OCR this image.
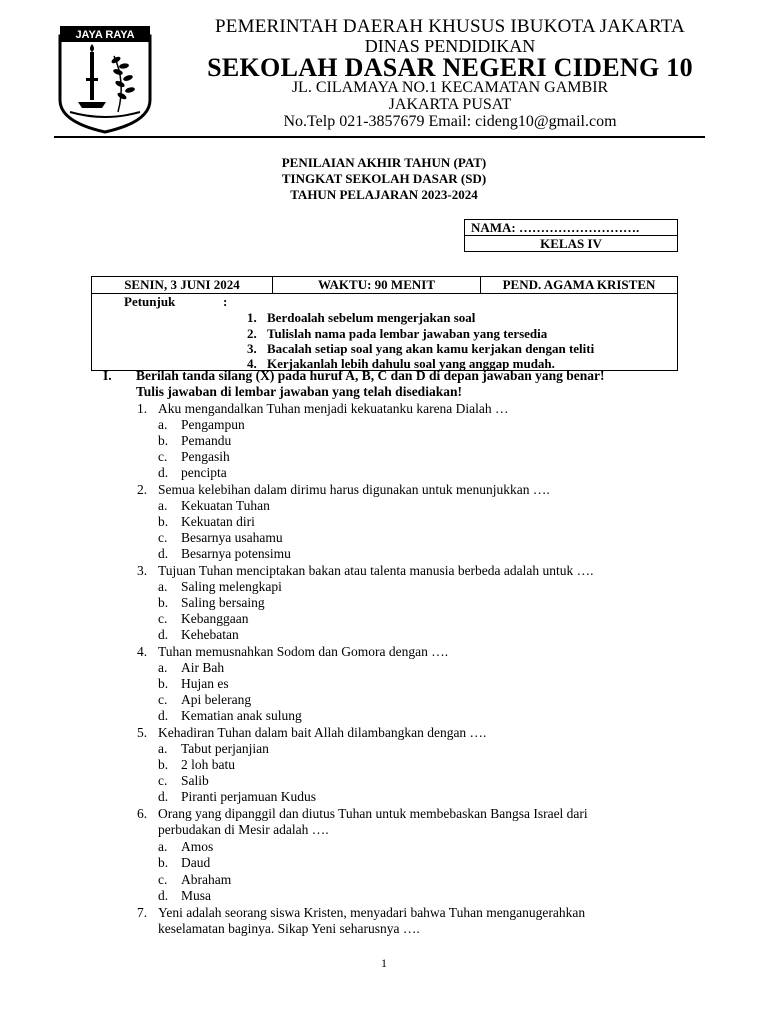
JAYA RAYA	PEMERINTAH DAERAH KHUSUS IBUKOTA JAKARTA
DINAS PENDIDIKAN
SEKOLAH DASAR NEGERI CIDENG 10
JL. CILAMAYA NO.1 KECAMATAN GAMBIR
JAKARTA PUSAT
No.Telp 021-3857679 Email: cideng10@gmail.com
PENILAIAN AKHIR TAHUN (PAT)
TINGKAT SEKOLAH DASAR (SD)
TAHUN PELAJARAN 2023-2024
NAMA: ……………………….
KELAS IV
SENIN, 3 JUNI 2024	WAKTU: 90 MENIT	PEND. AGAMA KRISTEN
Petunjuk	:
1. Berdoalah sebelum mengerjakan soal
2. Tulislah nama pada lembar jawaban yang tersedia
3. Bacalah setiap soal yang akan kamu kerjakan dengan teliti
4. Kerjakanlah lebih dahulu soal yang anggap mudah.
I. Berilah tanda silang (X) pada huruf A, B, C dan D di depan jawaban yang benar!
Tulis jawaban di lembar jawaban yang telah disediakan!
1. Aku mengandalkan Tuhan menjadi kekuatanku karena Dialah …
a. Pengampun
b. Pemandu
c. Pengasih
d. pencipta
2. Semua kelebihan dalam dirimu harus digunakan untuk menunjukkan ….
a. Kekuatan Tuhan
b. Kekuatan diri
c. Besarnya usahamu
d. Besarnya potensimu
3. Tujuan Tuhan menciptakan bakan atau talenta manusia berbeda adalah untuk ….
a. Saling melengkapi
b. Saling bersaing
c. Kebanggaan
d. Kehebatan
4. Tuhan memusnahkan Sodom dan Gomora dengan ….
a. Air Bah
b. Hujan es
c. Api belerang
d. Kematian anak sulung
5. Kehadiran Tuhan dalam bait Allah dilambangkan dengan ….
a. Tabut perjanjian
b. 2 loh batu
c. Salib
d. Piranti perjamuan Kudus
6. Orang yang dipanggil dan diutus Tuhan untuk membebaskan Bangsa Israel dari
perbudakan di Mesir adalah ….
a. Amos
b. Daud
c. Abraham
d. Musa
7. Yeni adalah seorang siswa Kristen, menyadari bahwa Tuhan menganugerahkan
keselamatan baginya. Sikap Yeni seharusnya ….
1
